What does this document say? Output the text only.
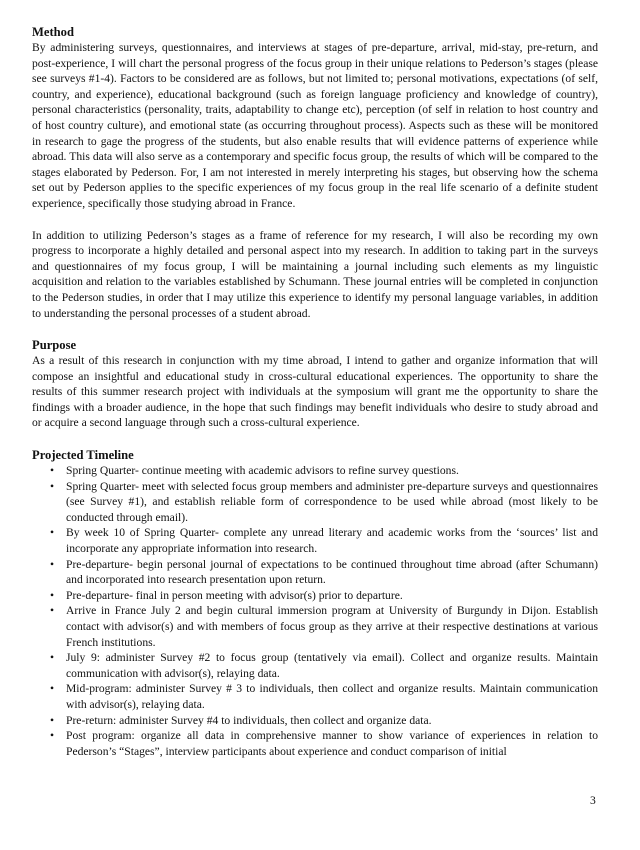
Method

By administering surveys, questionnaires, and interviews at stages of pre-departure, arrival, mid-stay, pre-return, and post-experience, I will chart the personal progress of the focus group in their unique relations to Pederson’s stages (please see surveys #1-4). Factors to be considered are as follows, but not limited to; personal motivations, expectations (of self, country, and experience), educational background (such as foreign language proficiency and knowledge of country), personal characteristics (personality, traits, adaptability to change etc), perception (of self in relation to host country and of host country culture), and emotional state (as occurring throughout process). Aspects such as these will be monitored in research to gage the progress of the students, but also enable results that will evidence patterns of experience while abroad. This data will also serve as a contemporary and specific focus group, the results of which will be compared to the stages elaborated by Pederson. For, I am not interested in merely interpreting his stages, but observing how the schema set out by Pederson applies to the specific experiences of my focus group in the real life scenario of a definite student experience, specifically those studying abroad in France.

In addition to utilizing Pederson’s stages as a frame of reference for my research, I will also be recording my own progress to incorporate a highly detailed and personal aspect into my research. In addition to taking part in the surveys and questionnaires of my focus group, I will be maintaining a journal including such elements as my linguistic acquisition and relation to the variables established by Schumann. These journal entries will be completed in conjunction to the Pederson studies, in order that I may utilize this experience to identify my personal language variables, in addition to understanding the personal processes of a student abroad.

Purpose

As a result of this research in conjunction with my time abroad, I intend to gather and organize information that will compose an insightful and educational study in cross-cultural educational experiences. The opportunity to share the results of this summer research project with individuals at the symposium will grant me the opportunity to share the findings with a broader audience, in the hope that such findings may benefit individuals who desire to study abroad and or acquire a second language through such a cross-cultural experience.

Projected Timeline
• Spring Quarter- continue meeting with academic advisors to refine survey questions.
• Spring Quarter- meet with selected focus group members and administer pre-departure surveys and questionnaires (see Survey #1), and establish reliable form of correspondence to be used while abroad (most likely to be conducted through email).
• By week 10 of Spring Quarter- complete any unread literary and academic works from the ‘sources’ list and incorporate any appropriate information into research.
• Pre-departure- begin personal journal of expectations to be continued throughout time abroad (after Schumann) and incorporated into research presentation upon return.
• Pre-departure- final in person meeting with advisor(s) prior to departure.
• Arrive in France July 2 and begin cultural immersion program at University of Burgundy in Dijon. Establish contact with advisor(s) and with members of focus group as they arrive at their respective destinations at various French institutions.
• July 9: administer Survey #2 to focus group (tentatively via email). Collect and organize results. Maintain communication with advisor(s), relaying data.
• Mid-program: administer Survey # 3 to individuals, then collect and organize results. Maintain communication with advisor(s), relaying data.
• Pre-return: administer Survey #4 to individuals, then collect and organize data.
• Post program: organize all data in comprehensive manner to show variance of experiences in relation to Pederson’s “Stages”, interview participants about experience and conduct comparison of initial
3
